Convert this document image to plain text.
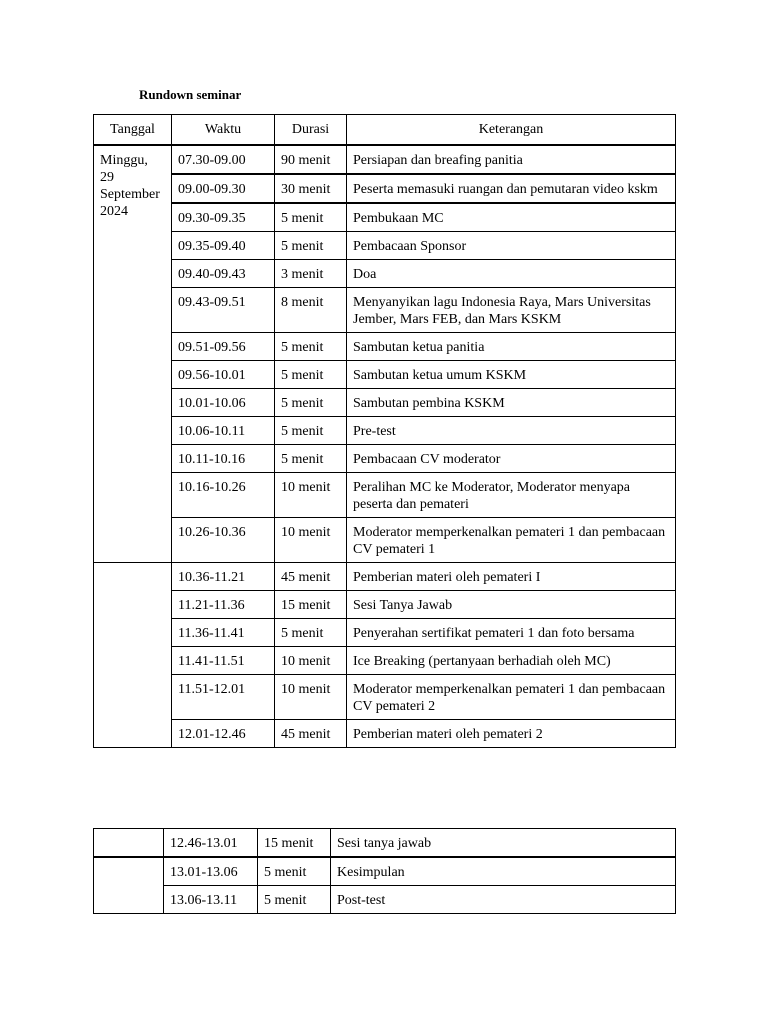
Rundown seminar
Tanggal	Waktu	Durasi	Keterangan
Minggu, 29 September 2024	07.30-09.00	90 menit	Persiapan dan breafing panitia
	09.00-09.30	30 menit	Peserta memasuki ruangan dan pemutaran video kskm
	09.30-09.35	5 menit	Pembukaan MC
	09.35-09.40	5 menit	Pembacaan Sponsor
	09.40-09.43	3 menit	Doa
	09.43-09.51	8 menit	Menyanyikan lagu Indonesia Raya, Mars Universitas Jember, Mars FEB, dan Mars KSKM
	09.51-09.56	5 menit	Sambutan ketua panitia
	09.56-10.01	5 menit	Sambutan ketua umum KSKM
	10.01-10.06	5 menit	Sambutan pembina KSKM
	10.06-10.11	5 menit	Pre-test
	10.11-10.16	5 menit	Pembacaan CV moderator
	10.16-10.26	10 menit	Peralihan MC ke Moderator, Moderator menyapa peserta dan pemateri
	10.26-10.36	10 menit	Moderator memperkenalkan pemateri 1 dan pembacaan CV pemateri 1
	10.36-11.21	45 menit	Pemberian materi oleh pemateri I
	11.21-11.36	15 menit	Sesi Tanya Jawab
	11.36-11.41	5 menit	Penyerahan sertifikat pemateri 1 dan foto bersama
	11.41-11.51	10 menit	Ice Breaking (pertanyaan berhadiah oleh MC)
	11.51-12.01	10 menit	Moderator memperkenalkan pemateri 1 dan pembacaan CV pemateri 2
	12.01-12.46	45 menit	Pemberian materi oleh pemateri 2
	12.46-13.01	15 menit	Sesi tanya jawab
	13.01-13.06	5 menit	Kesimpulan
	13.06-13.11	5 menit	Post-test
